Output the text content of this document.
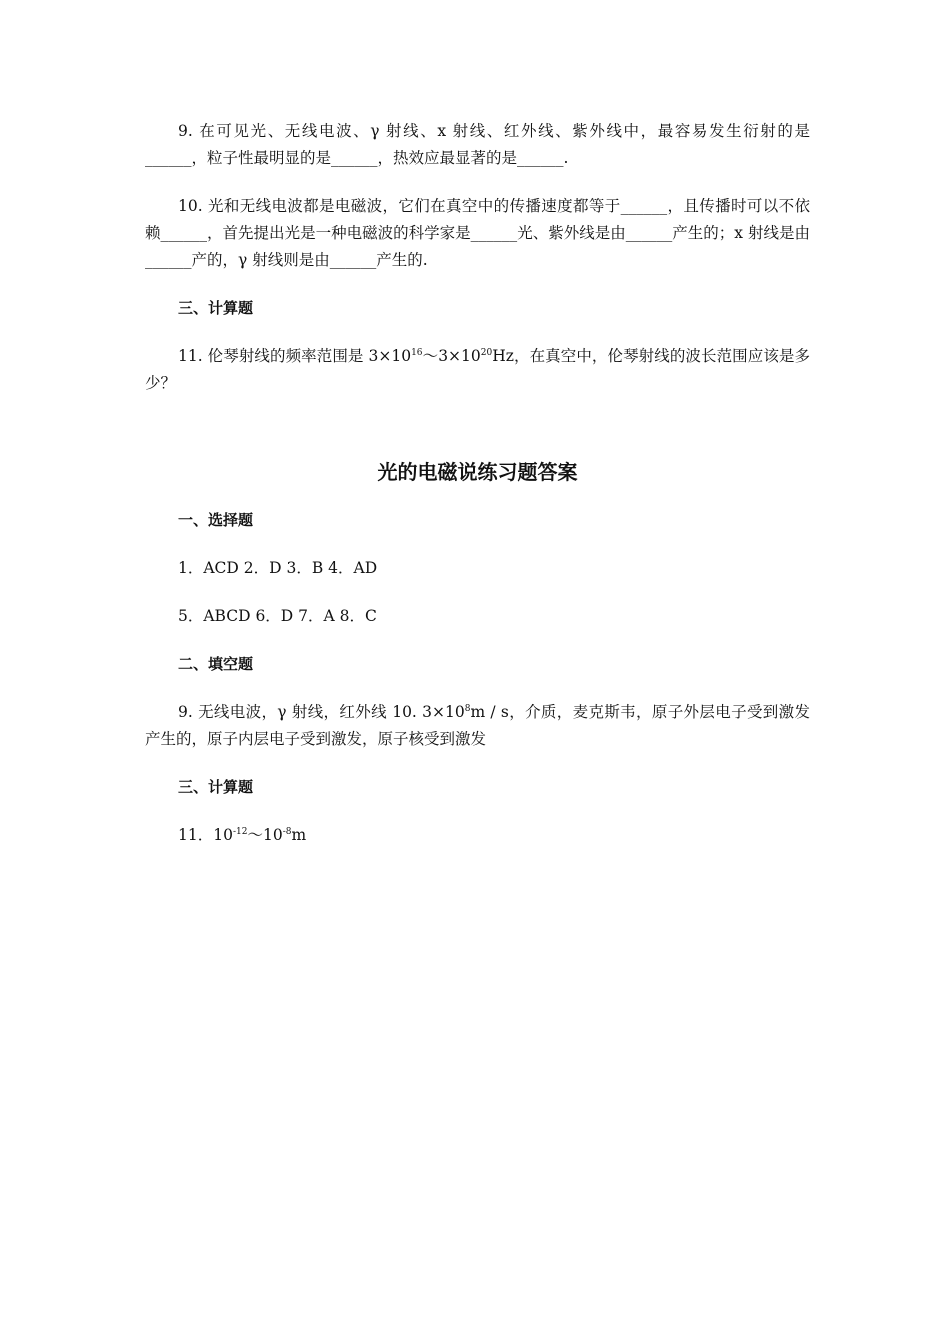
9. 在可见光、无线电波、γ 射线、x 射线、红外线、紫外线中，最容易发生衍射的是______，粒子性最明显的是______，热效应最显著的是______.

10. 光和无线电波都是电磁波，它们在真空中的传播速度都等于______，且传播时可以不依赖______，首先提出光是一种电磁波的科学家是______光、紫外线是由______产生的；x 射线是由______产的，γ 射线则是由______产生的.

三、计算题

11. 伦琴射线的频率范围是 $3\times 10^{16}\sim 3\times 10^{20}Hz$，在真空中，伦琴射线的波长范围应该是多少？

光的电磁说练习题答案

一、选择题

1．ACD 2．D 3．B 4．AD

5．ABCD 6．D 7．A 8．C

二、填空题

9. 无线电波，γ 射线，红外线 10. $3\times 10^8m / s$，介质，麦克斯韦，原子外层电子受到激发产生的，原子内层电子受到激发，原子核受到激发

三、计算题

11．$10^{-12}\sim 10^{-8}m$
